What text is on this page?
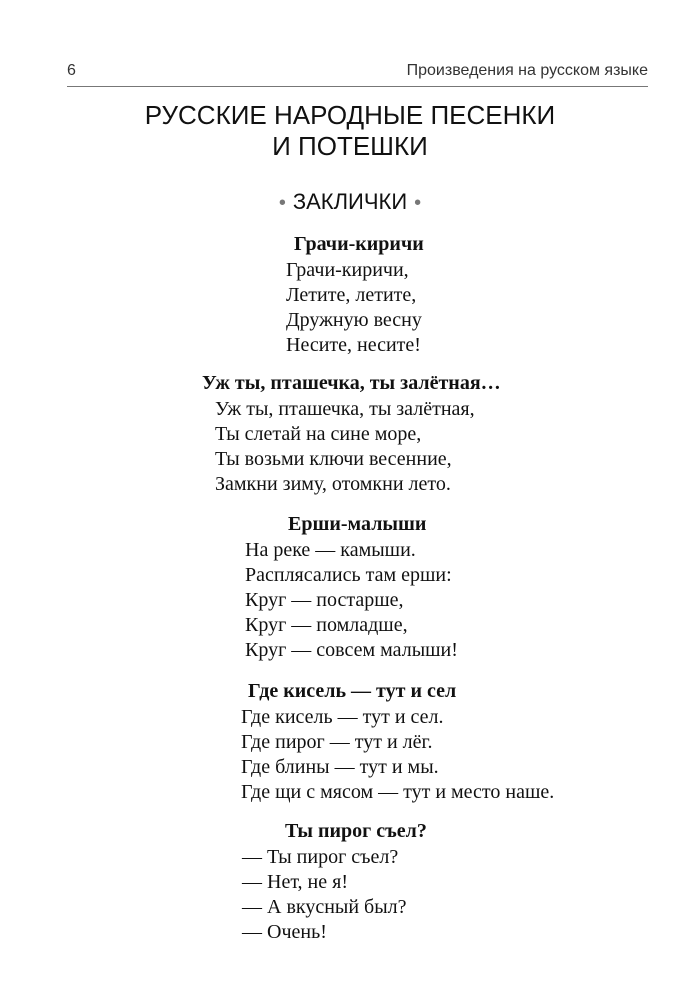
6	Произведения на русском языке
РУССКИЕ НАРОДНЫЕ ПЕСЕНКИ
И ПОТЕШКИ
• ЗАКЛИЧКИ •
Грачи-киричи
Грачи-киричи,
Летите, летите,
Дружную весну
Несите, несите!
Уж ты, пташечка, ты залётная…
Уж ты, пташечка, ты залётная,
Ты слетай на сине море,
Ты возьми ключи весенние,
Замкни зиму, отомкни лето.
Ерши-малыши
На реке — камыши.
Расплясались там ерши:
Круг — постарше,
Круг — помладше,
Круг — совсем малыши!
Где кисель — тут и сел
Где кисель — тут и сел.
Где пирог — тут и лёг.
Где блины — тут и мы.
Где щи с мясом — тут и место наше.
Ты пирог съел?
— Ты пирог съел?
— Нет, не я!
— А вкусный был?
— Очень!
